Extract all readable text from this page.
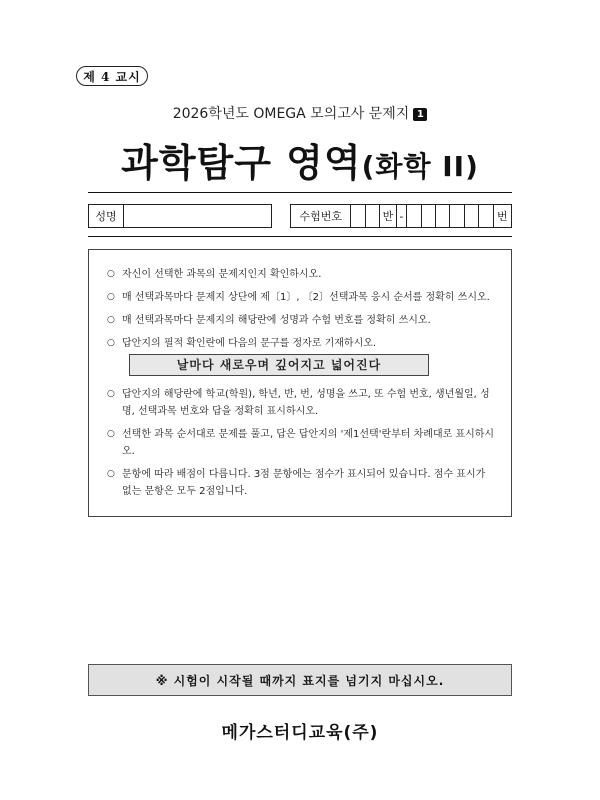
제 4 교시
2026학년도 OMEGA 모의고사 문제지 1
과학탐구 영역(화학 II)
성명	수험번호	반 -	번
○ 자신이 선택한 과목의 문제지인지 확인하시오.
○ 매 선택과목마다 문제지 상단에 제〔1〕, 〔2〕선택과목 응시 순서를 정확히 쓰시오.
○ 매 선택과목마다 문제지의 해당란에 성명과 수험 번호를 정확히 쓰시오.
○ 답안지의 필적 확인란에 다음의 문구를 정자로 기재하시오.
날마다 새로우며 깊어지고 넓어진다
○ 답안지의 해당란에 학교(학원), 학년, 반, 번, 성명을 쓰고, 또 수험 번호, 생년월일, 성명, 선택과목 번호와 답을 정확히 표시하시오.
○ 선택한 과목 순서대로 문제를 풀고, 답은 답안지의 '제1선택'란부터 차례대로 표시하시오.
○ 문항에 따라 배점이 다릅니다. 3점 문항에는 점수가 표시되어 있습니다. 점수 표시가 없는 문항은 모두 2점입니다.
※ 시험이 시작될 때까지 표지를 넘기지 마십시오.
메가스터디교육(주)
